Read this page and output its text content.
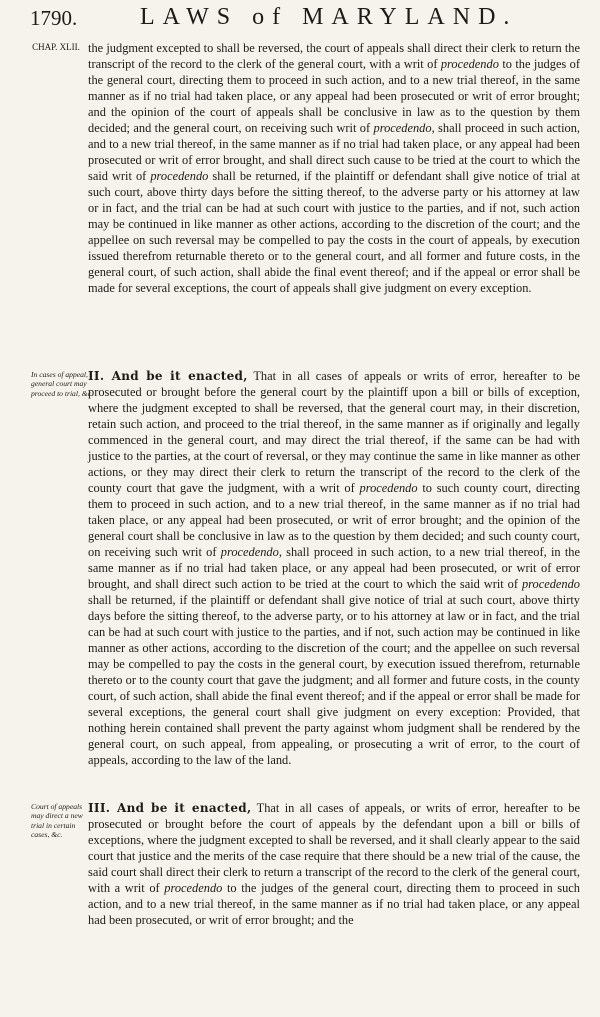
1790.	LAWS of MARYLAND.
CHAP. XLII.
In cases of appeal, general court may proceed to trial, &c
Court of appeals may direct a new trial in certain cases, &c.

the judgment excepted to shall be reversed, the court of appeals shall direct their clerk to return the transcript of the record to the clerk of the general court, with a writ of procedendo to the judges of the general court, directing them to proceed in such action, and to a new trial thereof, in the same manner as if no trial had taken place, or any appeal had been prosecuted or writ of error brought; and the opinion of the court of appeals shall be conclusive in law as to the question by them decided; and the general court, on receiving such writ of procedendo, shall proceed in such action, and to a new trial thereof, in the same manner as if no trial had taken place, or any appeal had been prosecuted or writ of error brought, and shall direct such cause to be tried at the court to which the said writ of procedendo shall be returned, if the plaintiff or defendant shall give notice of trial at such court, above thirty days before the sitting thereof, to the adverse party or his attorney at law or in fact, and the trial can be had at such court with justice to the parties, and if not, such action may be continued in like manner as other actions, according to the discretion of the court; and the appellee on such reversal may be compelled to pay the costs in the court of appeals, by execution issued therefrom returnable thereto or to the general court, and all former and future costs, in the general court, of such action, shall abide the final event thereof; and if the appeal or error shall be made for several exceptions, the court of appeals shall give judgment on every exception.

II. And be it enacted, That in all cases of appeals or writs of error, hereafter to be prosecuted or brought before the general court by the plaintiff upon a bill or bills of exception, where the judgment excepted to shall be reversed, that the general court may, in their discretion, retain such action, and proceed to the trial thereof, in the same manner as if originally and legally commenced in the general court, and may direct the trial thereof, if the same can be had with justice to the parties, at the court of reversal, or they may continue the same in like manner as other actions, or they may direct their clerk to return the transcript of the record to the clerk of the county court that gave the judgment, with a writ of procedendo to such county court, directing them to proceed in such action, and to a new trial thereof, in the same manner as if no trial had taken place, or any appeal had been prosecuted, or writ of error brought; and the opinion of the general court shall be conclusive in law as to the question by them decided; and such county court, on receiving such writ of procedendo, shall proceed in such action, to a new trial thereof, in the same manner as if no trial had taken place, or any appeal had been prosecuted, or writ of error brought, and shall direct such action to be tried at the court to which the said writ of procedendo shall be returned, if the plaintiff or defendant shall give notice of trial at such court, above thirty days before the sitting thereof, to the adverse party, or to his attorney at law or in fact, and the trial can be had at such court with justice to the parties, and if not, such action may be continued in like manner as other actions, according to the discretion of the court; and the appellee on such reversal may be compelled to pay the costs in the general court, by execution issued therefrom, returnable thereto or to the county court that gave the judgment; and all former and future costs, in the county court, of such action, shall abide the final event thereof; and if the appeal or error shall be made for several exceptions, the general court shall give judgment on every exception: Provided, that nothing herein contained shall prevent the party against whom judgment shall be rendered by the general court, on such appeal, from appealing, or prosecuting a writ of error, to the court of appeals, according to the law of the land.

III. And be it enacted, That in all cases of appeals, or writs of error, hereafter to be prosecuted or brought before the court of appeals by the defendant upon a bill or bills of exceptions, where the judgment excepted to shall be reversed, and it shall clearly appear to the said court that justice and the merits of the case require that there should be a new trial of the cause, the said court shall direct their clerk to return a transcript of the record to the clerk of the general court, with a writ of procedendo to the judges of the general court, directing them to proceed in such action, and to a new trial thereof, in the same manner as if no trial had taken place, or any appeal had been prosecuted, or writ of error brought; and the
